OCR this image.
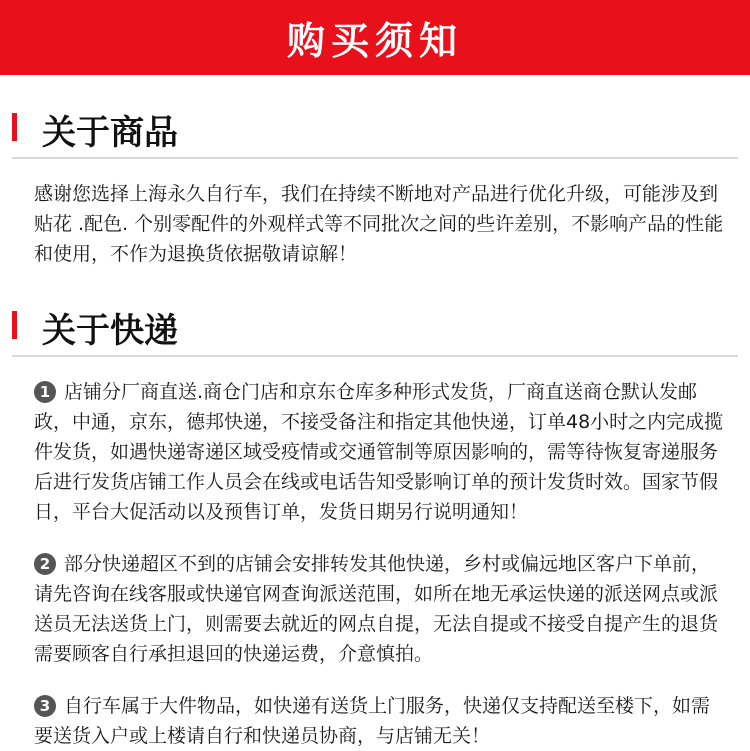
购买须知
关于商品

感谢您选择上海永久自行车，我们在持续不断地对产品进行优化升级，可能涉及到贴花 .配色. 个别零配件的外观样式等不同批次之间的些许差别，不影响产品的性能和使用，不作为退换货依据敬请谅解！

关于快递

1 店铺分厂商直送.商仓门店和京东仓库多种形式发货，厂商直送商仓默认发邮政，中通，京东，德邦快递，不接受备注和指定其他快递，订单48小时之内完成揽件发货，如遇快递寄递区域受疫情或交通管制等原因影响的，需等待恢复寄递服务后进行发货店铺工作人员会在线或电话告知受影响订单的预计发货时效。国家节假日，平台大促活动以及预售订单，发货日期另行说明通知！

2 部分快递超区不到的店铺会安排转发其他快递，乡村或偏远地区客户下单前，请先咨询在线客服或快递官网查询派送范围，如所在地无承运快递的派送网点或派送员无法送货上门，则需要去就近的网点自提，无法自提或不接受自提产生的退货需要顾客自行承担退回的快递运费，介意慎拍。

3 自行车属于大件物品，如快递有送货上门服务，快递仅支持配送至楼下，如需要送货入户或上楼请自行和快递员协商，与店铺无关！
